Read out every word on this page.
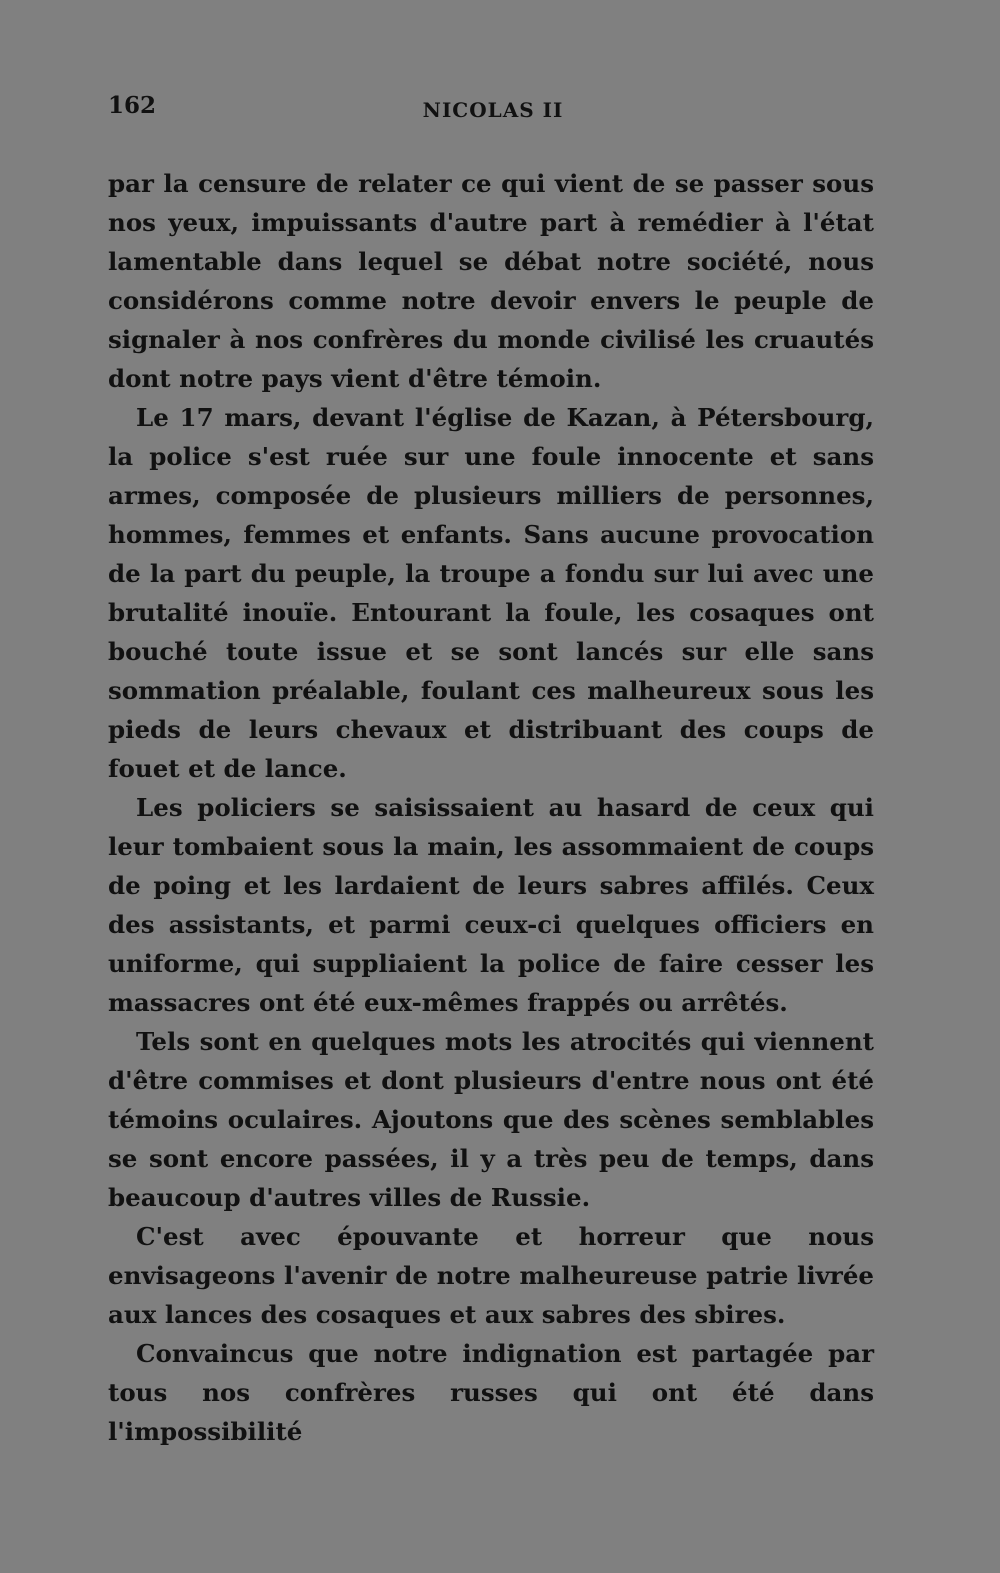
162	NICOLAS II

par la censure de relater ce qui vient de se passer sous nos yeux, impuissants d'autre part à remédier à l'état lamentable dans lequel se débat notre société, nous considérons comme notre devoir envers le peuple de signaler à nos confrères du monde civilisé les cruautés dont notre pays vient d'être témoin.

Le 17 mars, devant l'église de Kazan, à Pétersbourg, la police s'est ruée sur une foule innocente et sans armes, composée de plusieurs milliers de personnes, hommes, femmes et enfants. Sans aucune provocation de la part du peuple, la troupe a fondu sur lui avec une brutalité inouïe. Entourant la foule, les cosaques ont bouché toute issue et se sont lancés sur elle sans sommation préalable, foulant ces malheureux sous les pieds de leurs chevaux et distribuant des coups de fouet et de lance.

Les policiers se saisissaient au hasard de ceux qui leur tombaient sous la main, les assommaient de coups de poing et les lardaient de leurs sabres affilés. Ceux des assistants, et parmi ceux-ci quelques officiers en uniforme, qui suppliaient la police de faire cesser les massacres ont été eux-mêmes frappés ou arrêtés.

Tels sont en quelques mots les atrocités qui viennent d'être commises et dont plusieurs d'entre nous ont été témoins oculaires. Ajoutons que des scènes semblables se sont encore passées, il y a très peu de temps, dans beaucoup d'autres villes de Russie.

C'est avec épouvante et horreur que nous envisageons l'avenir de notre malheureuse patrie livrée aux lances des cosaques et aux sabres des sbires.

Convaincus que notre indignation est partagée par tous nos confrères russes qui ont été dans l'impossibilité
